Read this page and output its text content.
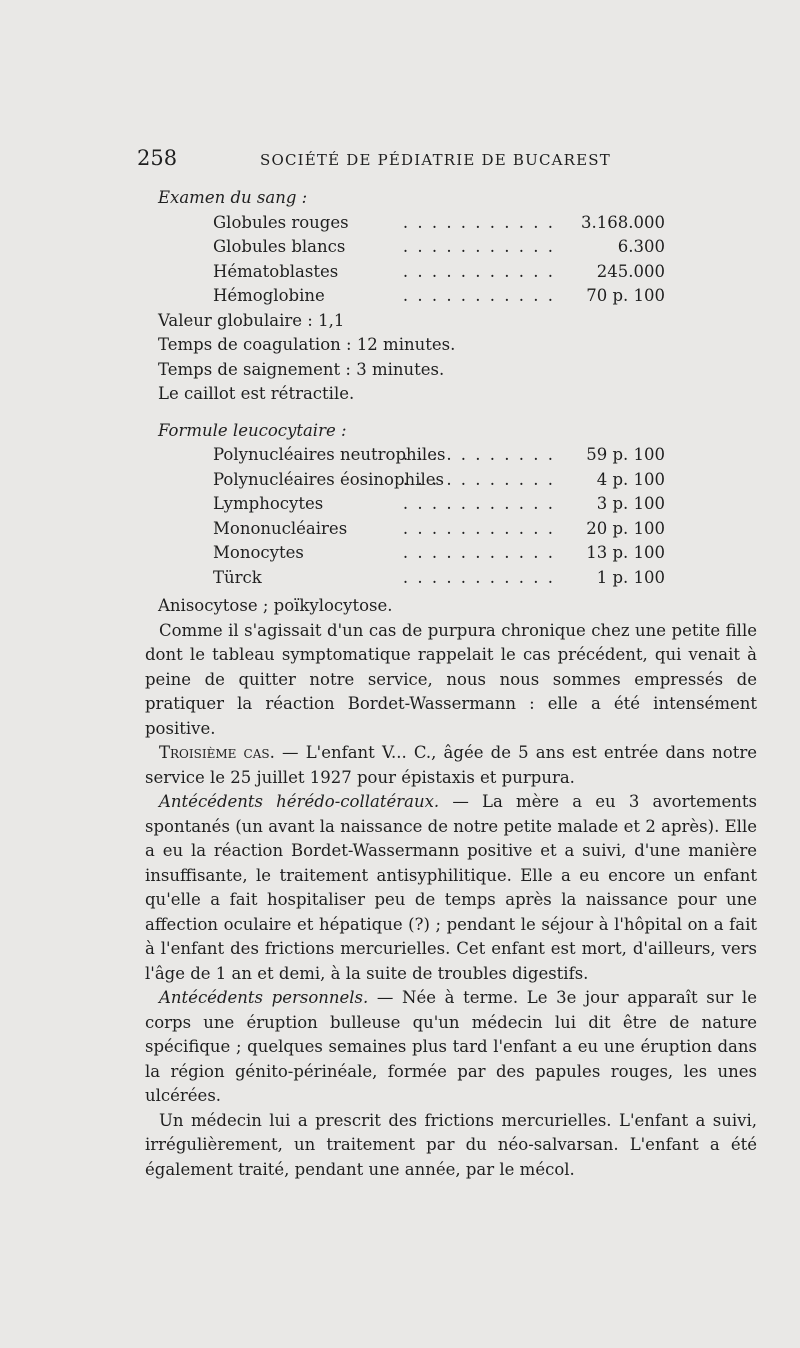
258	SOCIÉTÉ DE PÉDIATRIE DE BUCAREST
Examen du sang :
. . . . . . . . . . .
Globules rouges	3.168.000
. . . . . . . . . . .
Globules blancs	6.300
. . . . . . . . . . .
Hématoblastes	245.000
. . . . . . . . . . .
Hémoglobine	70 p. 100
Valeur globulaire : 1,1
Temps de coagulation : 12 minutes.
Temps de saignement : 3 minutes.
Le caillot est rétractile.
Formule leucocytaire :
. . . . . . . . . . .
Polynucléaires neutrophiles	59 p. 100
. . . . . . . . . . .
Polynucléaires éosinophiles	4 p. 100
. . . . . . . . . . .
Lymphocytes	3 p. 100
. . . . . . . . . . .
Mononucléaires	20 p. 100
. . . . . . . . . . .
Monocytes	13 p. 100
. . . . . . . . . . .
Türck	1 p. 100
Anisocytose ; poïkylocytose.
Comme il s'agissait d'un cas de purpura chronique chez une petite fille dont le tableau symptomatique rappelait le cas précédent, qui venait à peine de quitter notre service, nous nous sommes empressés de pratiquer la réaction Bordet-Wassermann : elle a été intensément positive.
Troisième cas. — L'enfant V... C., âgée de 5 ans est entrée dans notre service le 25 juillet 1927 pour épistaxis et purpura.
Antécédents hérédo-collatéraux. — La mère a eu 3 avortements spontanés (un avant la naissance de notre petite malade et 2 après). Elle a eu la réaction Bordet-Wassermann positive et a suivi, d'une manière insuffisante, le traitement antisyphilitique. Elle a eu encore un enfant qu'elle a fait hospitaliser peu de temps après la naissance pour une affection oculaire et hépatique (?) ; pendant le séjour à l'hôpital on a fait à l'enfant des frictions mercurielles. Cet enfant est mort, d'ailleurs, vers l'âge de 1 an et demi, à la suite de troubles digestifs.
Antécédents personnels. — Née à terme. Le 3e jour apparaît sur le corps une éruption bulleuse qu'un médecin lui dit être de nature spécifique ; quelques semaines plus tard l'enfant a eu une éruption dans la région génito-périnéale, formée par des papules rouges, les unes ulcérées.
Un médecin lui a prescrit des frictions mercurielles. L'enfant a suivi, irrégulièrement, un traitement par du néo-salvarsan. L'enfant a été également traité, pendant une année, par le mécol.
